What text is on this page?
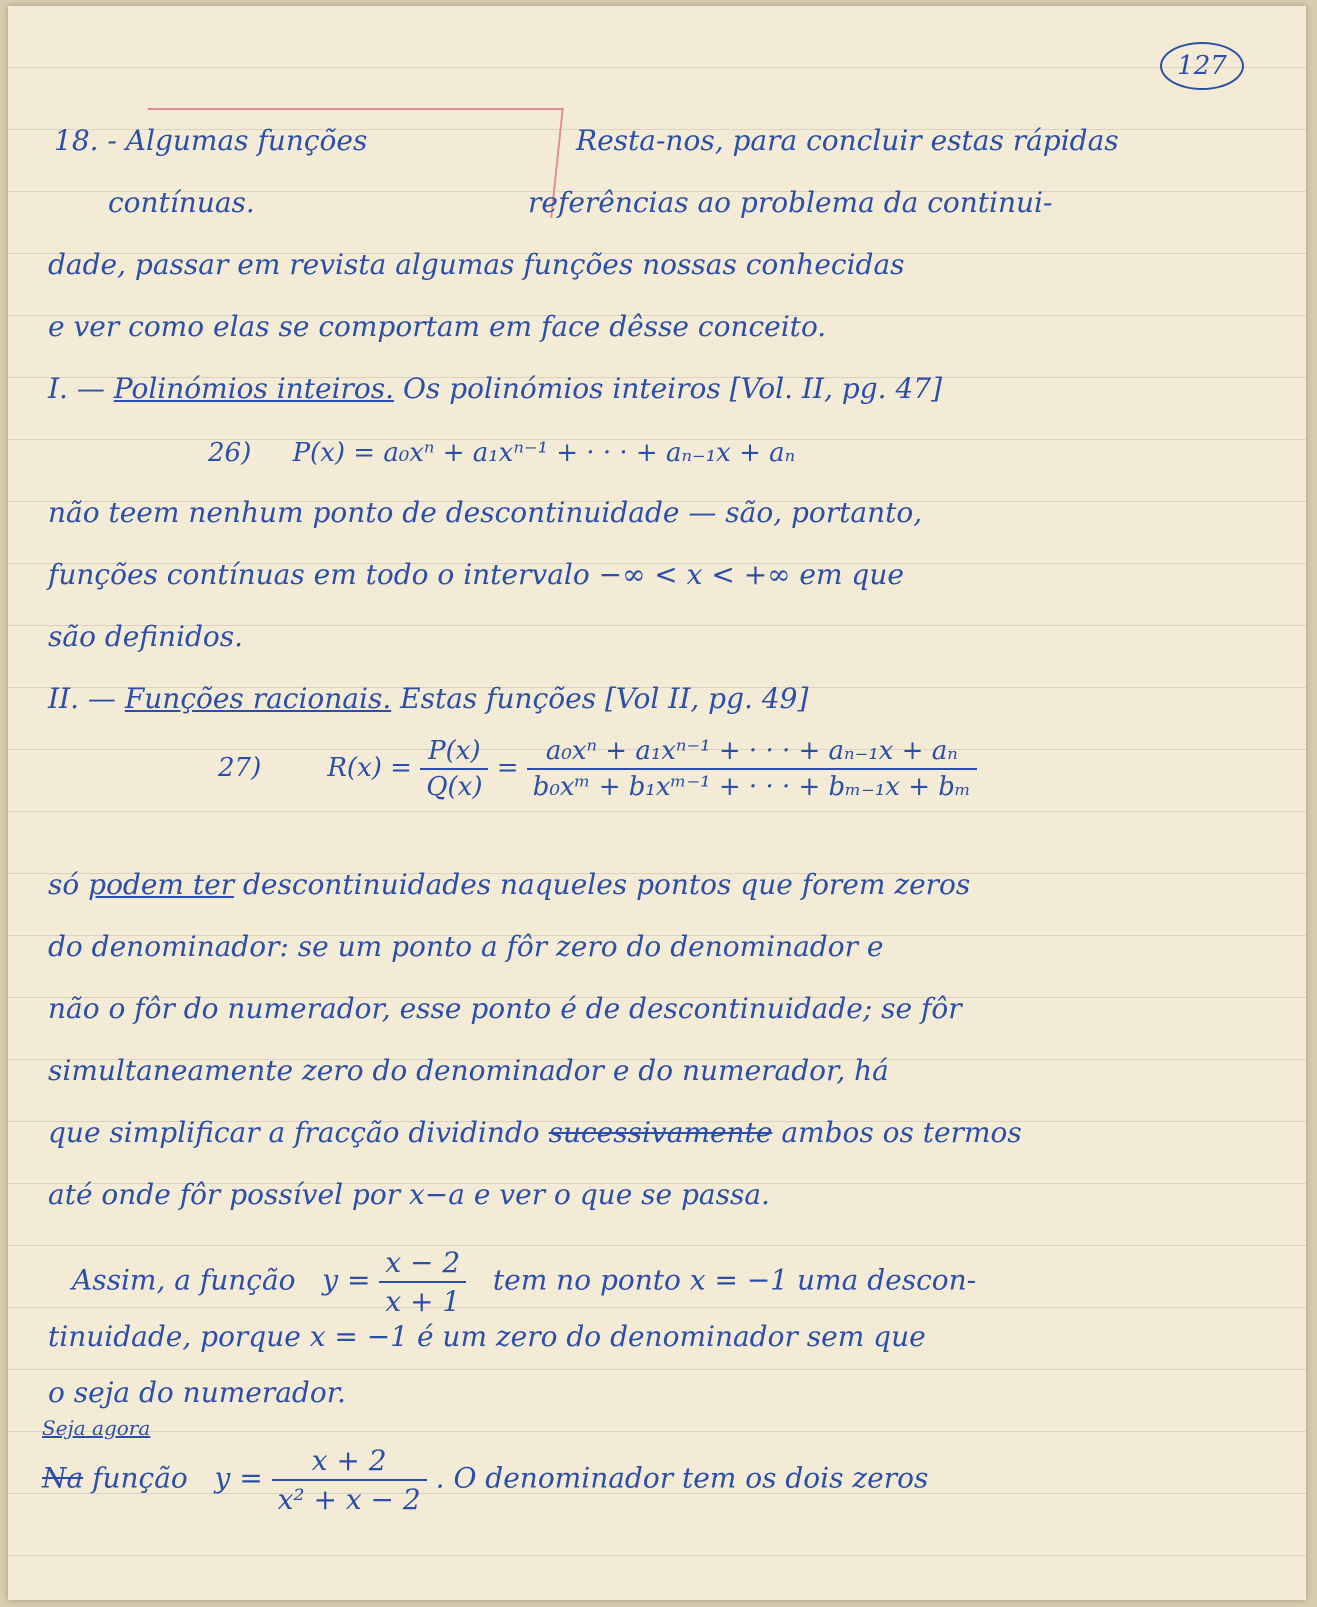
127
18. - Algumas funções
contínuas.
Resta-nos, para concluir estas rápidas
referências ao problema da continui-
dade, passar em revista algumas funções nossas conhecidas
e ver como elas se comportam em face dêsse conceito.
I. — Polinómios inteiros. Os polinómios inteiros [Vol. II, pg. 47]
26) P(x) = a₀xⁿ + a₁xⁿ⁻¹ + · · · + aₙ₋₁x + aₙ
não teem nenhum ponto de descontinuidade — são, portanto,
funções contínuas em todo o intervalo −∞ < x < +∞ em que
são definidos.
II. — Funções racionais. Estas funções [Vol II, pg. 49]
27)	$R(x) = \frac{P(x)}{Q(x)} = \frac{\text{a₀xⁿ + a₁xⁿ⁻¹ + · · · + aₙ₋₁x + aₙ}}{\text{b₀xᵐ + b₁xᵐ⁻¹ + · · · + bₘ₋₁x + bₘ}}$
só podem ter descontinuidades naqueles pontos que forem zeros
do denominador: se um ponto a fôr zero do denominador e
não o fôr do numerador, esse ponto é de descontinuidade; se fôr
simultaneamente zero do denominador e do numerador, há
que simplificar a fracção dividindo sucessivamente ambos os termos
até onde fôr possível por x−a e ver o que se passa.
Assim, a função $y = \frac{x - 2}{x + 1}$ tem no ponto x = −1 uma descon-
tinuidade, porque x = −1 é um zero do denominador sem que
o seja do numerador.
Seja agora
Na função $y = \frac{x + 2}{\text{x² + x − 2}}$ . O denominador tem os dois zeros
